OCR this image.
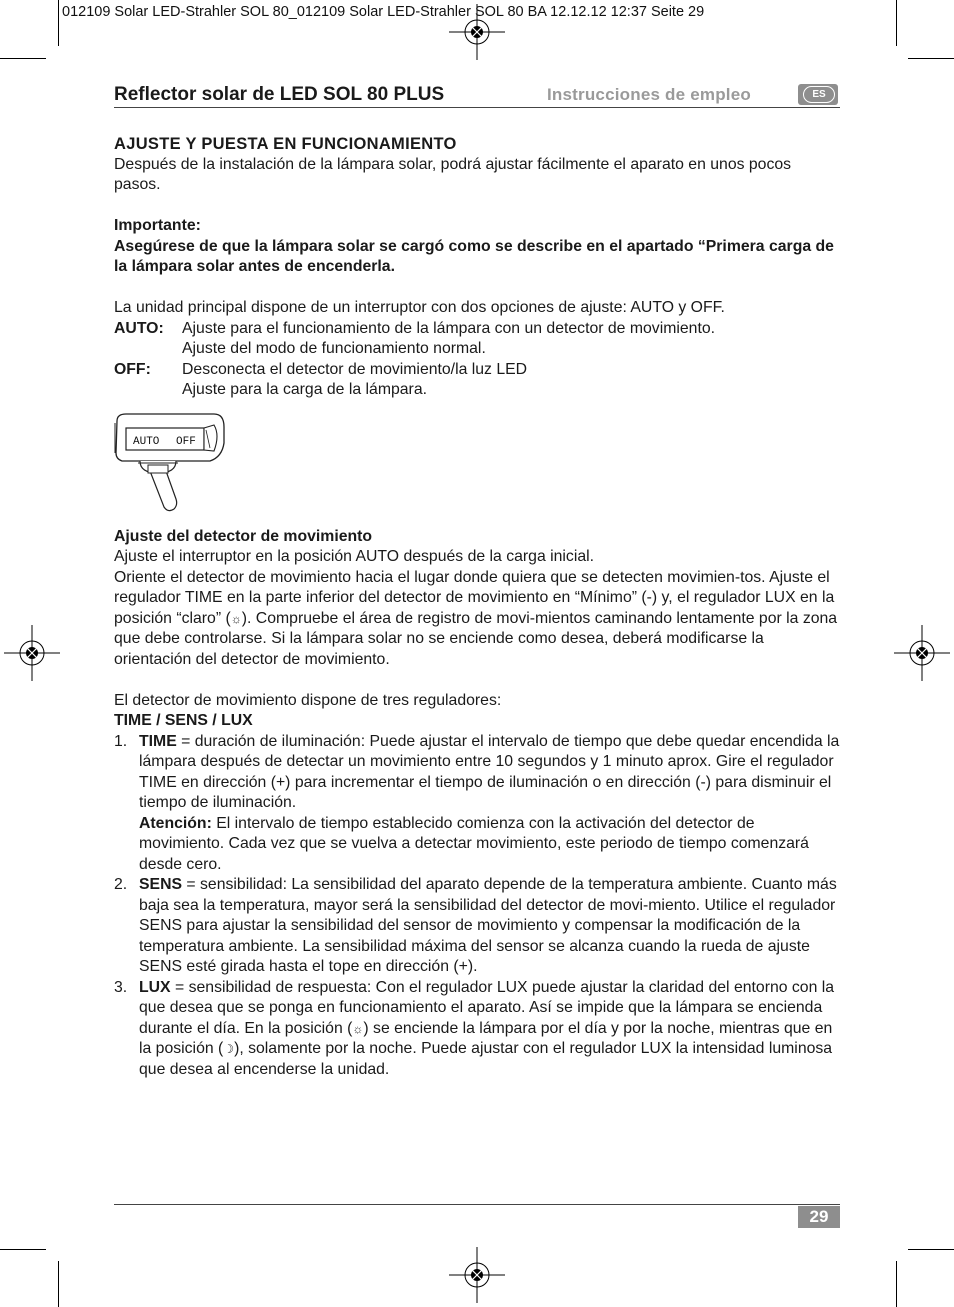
012109 Solar LED-Strahler SOL 80_012109 Solar LED-Strahler SOL 80 BA 12.12.12 12:37 Seite 29
Reflector solar de LED SOL 80 PLUS	Instrucciones de empleo	ES

AJUSTE Y PUESTA EN FUNCIONAMIENTO

Después de la instalación de la lámpara solar, podrá ajustar fácilmente el aparato en unos pocos pasos.

Importante:

Asegúrese de que la lámpara solar se cargó como se describe en el apartado “Primera carga de la lámpara solar antes de encenderla.

La unidad principal dispone de un interruptor con dos opciones de ajuste: AUTO y OFF.

AUTO:	Ajuste para el funcionamiento de la lámpara con un detector de movimiento.

Ajuste del modo de funcionamiento normal.

OFF:	Desconecta el detector de movimiento/la luz LED

Ajuste para la carga de la lámpara.

AUTO OFF

Ajuste del detector de movimiento

Ajuste el interruptor en la posición AUTO después de la carga inicial.

Oriente el detector de movimiento hacia el lugar donde quiera que se detecten movimien-tos. Ajuste el regulador TIME en la parte inferior del detector de movimiento en “Mínimo” (-) y, el regulador LUX en la posición “claro” (☼). Compruebe el área de registro de movi-mientos caminando lentamente por la zona que debe controlarse. Si la lámpara solar no se enciende como desea, deberá modificarse la orientación del detector de movimiento.

El detector de movimiento dispone de tres reguladores:

TIME / SENS / LUX

1. TIME = duración de iluminación: Puede ajustar el intervalo de tiempo que debe quedar encendida la lámpara después de detectar un movimiento entre 10 segundos y 1 minuto aprox. Gire el regulador TIME en dirección (+) para incrementar el tiempo de iluminación o en dirección (-) para disminuir el tiempo de iluminación.

Atención: El intervalo de tiempo establecido comienza con la activación del detector de movimiento. Cada vez que se vuelva a detectar movimiento, este periodo de tiempo comenzará desde cero.

2. SENS = sensibilidad: La sensibilidad del aparato depende de la temperatura ambiente. Cuanto más baja sea la temperatura, mayor será la sensibilidad del detector de movi-miento. Utilice el regulador SENS para ajustar la sensibilidad del sensor de movimiento y compensar la modificación de la temperatura ambiente. La sensibilidad máxima del sensor se alcanza cuando la rueda de ajuste SENS esté girada hasta el tope en dirección (+).

3. LUX = sensibilidad de respuesta: Con el regulador LUX puede ajustar la claridad del entorno con la que desea que se ponga en funcionamiento el aparato. Así se impide que la lámpara se encienda durante el día. En la posición (☼) se enciende la lámpara por el día y por la noche, mientras que en la posición (☽), solamente por la noche. Puede ajustar con el regulador LUX la intensidad luminosa que desea al encenderse la unidad.

29
